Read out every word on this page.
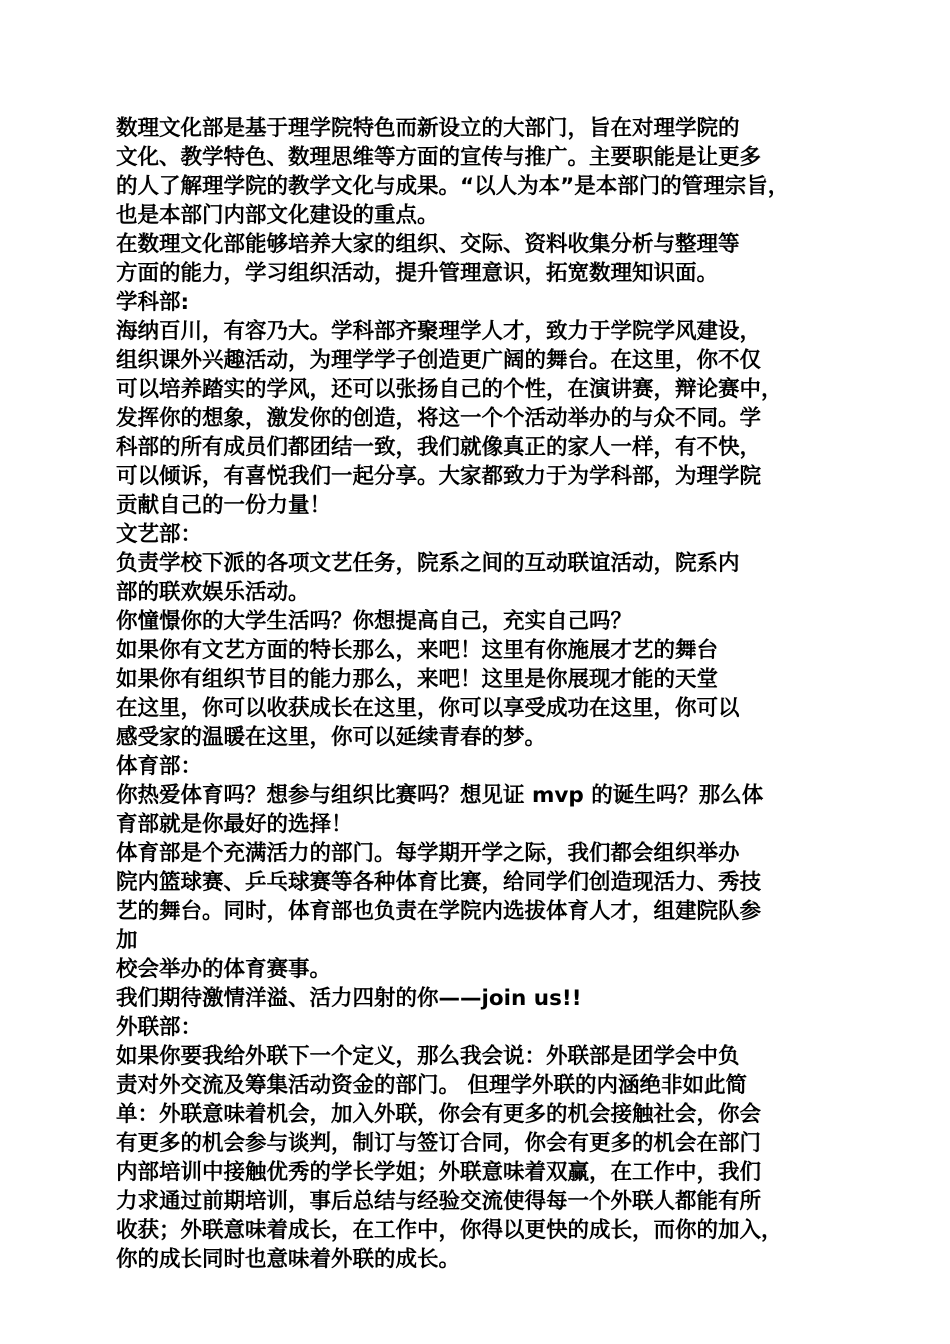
数理文化部是基于理学院特色而新设立的大部门，旨在对理学院的
文化、教学特色、数理思维等方面的宣传与推广。主要职能是让更多
的人了解理学院的教学文化与成果。“以人为本”是本部门的管理宗旨，
也是本部门内部文化建设的重点。
在数理文化部能够培养大家的组织、交际、资料收集分析与整理等
方面的能力，学习组织活动，提升管理意识，拓宽数理知识面。
学科部:
海纳百川，有容乃大。学科部齐聚理学人才，致力于学院学风建设，
组织课外兴趣活动，为理学学子创造更广阔的舞台。在这里，你不仅
可以培养踏实的学风，还可以张扬自己的个性，在演讲赛，辩论赛中，
发挥你的想象，激发你的创造，将这一个个活动举办的与众不同。学
科部的所有成员们都团结一致，我们就像真正的家人一样，有不快，
可以倾诉，有喜悦我们一起分享。大家都致力于为学科部，为理学院
贡献自己的一份力量！
文艺部：
负责学校下派的各项文艺任务，院系之间的互动联谊活动，院系内
部的联欢娱乐活动。
你憧憬你的大学生活吗？你想提高自己，充实自己吗？
如果你有文艺方面的特长那么，来吧！这里有你施展才艺的舞台
如果你有组织节目的能力那么，来吧！这里是你展现才能的天堂
在这里，你可以收获成长在这里，你可以享受成功在这里，你可以
感受家的温暖在这里，你可以延续青春的梦。
体育部：
你热爱体育吗？想参与组织比赛吗？想见证 mvp 的诞生吗？那么体
育部就是你最好的选择！
体育部是个充满活力的部门。每学期开学之际，我们都会组织举办
院内篮球赛、乒乓球赛等各种体育比赛，给同学们创造现活力、秀技
艺的舞台。同时，体育部也负责在学院内选拔体育人才，组建院队参
加
校会举办的体育赛事。
我们期待激情洋溢、活力四射的你——join us!!
外联部：
如果你要我给外联下一个定义，那么我会说：外联部是团学会中负
责对外交流及筹集活动资金的部门。 但理学外联的内涵绝非如此简
单：外联意味着机会，加入外联，你会有更多的机会接触社会，你会
有更多的机会参与谈判，制订与签订合同，你会有更多的机会在部门
内部培训中接触优秀的学长学姐；外联意味着双赢，在工作中，我们
力求通过前期培训，事后总结与经验交流使得每一个外联人都能有所
收获；外联意味着成长，在工作中，你得以更快的成长，而你的加入，
你的成长同时也意味着外联的成长。
